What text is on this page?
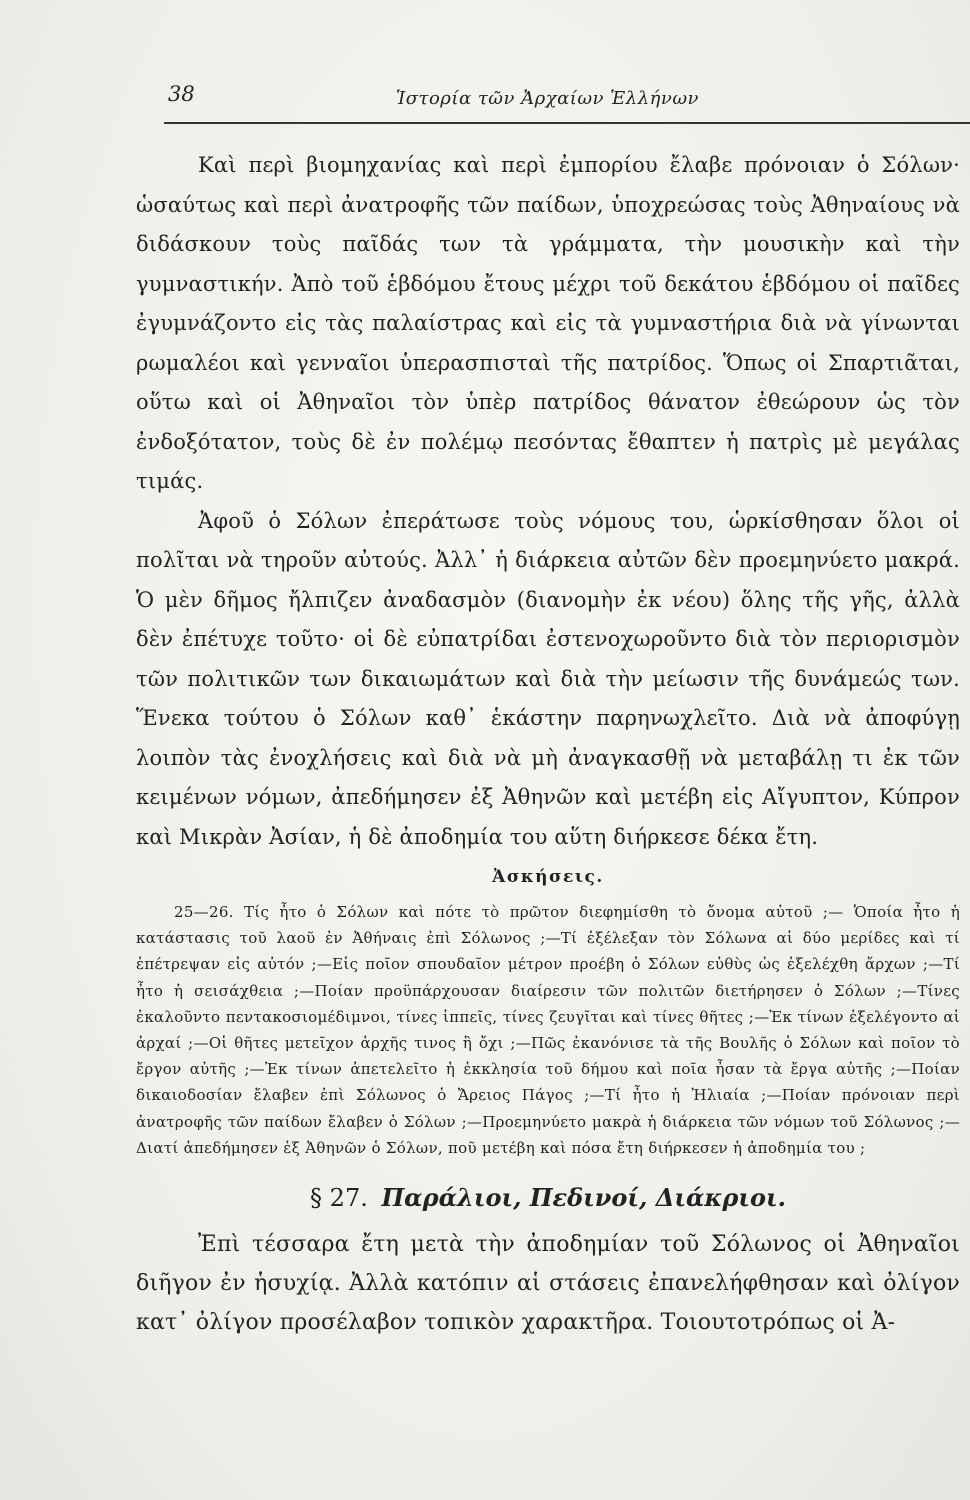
38	Ἱστορία τῶν Ἀρχαίων Ἑλλήνων

Καὶ περὶ βιομηχανίας καὶ περὶ ἐμπορίου ἔλαβε πρόνοιαν ὁ Σόλων· ὡσαύτως καὶ περὶ ἀνατροφῆς τῶν παίδων, ὑποχρεώσας τοὺς Ἀθηναίους νὰ διδάσκουν τοὺς παῖδάς των τὰ γράμματα, τὴν μουσικὴν καὶ τὴν γυμναστικήν. Ἀπὸ τοῦ ἑβδόμου ἔτους μέχρι τοῦ δεκάτου ἑβδόμου οἱ παῖδες ἐγυμνάζοντο εἰς τὰς παλαίστρας καὶ εἰς τὰ γυμναστήρια διὰ νὰ γίνωνται ρωμαλέοι καὶ γενναῖοι ὑπερασπισταὶ τῆς πατρίδος. Ὅπως οἱ Σπαρτιᾶται, οὕτω καὶ οἱ Ἀθηναῖοι τὸν ὑπὲρ πατρίδος θάνατον ἐθεώρουν ὡς τὸν ἐνδοξότατον, τοὺς δὲ ἐν πολέμῳ πεσόντας ἔθαπτεν ἡ πατρὶς μὲ μεγάλας τιμάς.

Ἀφοῦ ὁ Σόλων ἐπεράτωσε τοὺς νόμους του, ὡρκίσθησαν ὅλοι οἱ πολῖται νὰ τηροῦν αὐτούς. Ἀλλ᾽ ἡ διάρκεια αὐτῶν δὲν προεμηνύετο μακρά. Ὁ μὲν δῆμος ἤλπιζεν ἀναδασμὸν (διανομὴν ἐκ νέου) ὅλης τῆς γῆς, ἀλλὰ δὲν ἐπέτυχε τοῦτο· οἱ δὲ εὐπατρίδαι ἐστενοχωροῦντο διὰ τὸν περιορισμὸν τῶν πολιτικῶν των δικαιωμάτων καὶ διὰ τὴν μείωσιν τῆς δυνάμεώς των. Ἕνεκα τούτου ὁ Σόλων καθ᾽ ἑκάστην παρηνωχλεῖτο. Διὰ νὰ ἀποφύγῃ λοιπὸν τὰς ἐνοχλήσεις καὶ διὰ νὰ μὴ ἀναγκασθῇ νὰ μεταβάλῃ τι ἐκ τῶν κειμένων νόμων, ἀπεδήμησεν ἐξ Ἀθηνῶν καὶ μετέβη εἰς Αἴγυπτον, Κύπρον καὶ Μικρὰν Ἀσίαν, ἡ δὲ ἀποδημία του αὕτη διήρκεσε δέκα ἔτη.

Ἀσκήσεις.

25—26. Τίς ἦτο ὁ Σόλων καὶ πότε τὸ πρῶτον διεφημίσθη τὸ ὄνομα αὐτοῦ ;— Ὁποία ἦτο ἡ κατάστασις τοῦ λαοῦ ἐν Ἀθήναις ἐπὶ Σόλωνος ;—Τί ἐξέλεξαν τὸν Σόλωνα αἱ δύο μερίδες καὶ τί ἐπέτρεψαν εἰς αὐτόν ;—Εἰς ποῖον σπουδαῖον μέτρον προέβη ὁ Σόλων εὐθὺς ὡς ἐξελέχθη ἄρχων ;—Τί ἦτο ἡ σεισάχθεια ;—Ποίαν προϋπάρχουσαν διαίρεσιν τῶν πολιτῶν διετήρησεν ὁ Σόλων ;—Τίνες ἐκαλοῦντο πεντακοσιομέδιμνοι, τίνες ἱππεῖς, τίνες ζευγῖται καὶ τίνες θῆτες ;—Ἐκ τίνων ἐξελέγοντο αἱ ἀρχαί ;—Οἱ θῆτες μετεῖχον ἀρχῆς τινος ἢ ὄχι ;—Πῶς ἐκανόνισε τὰ τῆς Βουλῆς ὁ Σόλων καὶ ποῖον τὸ ἔργον αὐτῆς ;—Ἐκ τίνων ἀπετελεῖτο ἡ ἐκκλησία τοῦ δήμου καὶ ποῖα ἦσαν τὰ ἔργα αὐτῆς ;—Ποίαν δικαιοδοσίαν ἔλαβεν ἐπὶ Σόλωνος ὁ Ἄρειος Πάγος ;—Τί ἦτο ἡ Ἡλιαία ;—Ποίαν πρόνοιαν περὶ ἀνατροφῆς τῶν παίδων ἔλαβεν ὁ Σόλων ;—Προεμηνύετο μακρὰ ἡ διάρκεια τῶν νόμων τοῦ Σόλωνος ;—Διατί ἀπεδήμησεν ἐξ Ἀθηνῶν ὁ Σόλων, ποῦ μετέβη καὶ πόσα ἔτη διήρκεσεν ἡ ἀποδημία του ;

§ 27. Παράλιοι, Πεδινοί, Διάκριοι.

Ἐπὶ τέσσαρα ἔτη μετὰ τὴν ἀποδημίαν τοῦ Σόλωνος οἱ Ἀθηναῖοι διῆγον ἐν ἡσυχίᾳ. Ἀλλὰ κατόπιν αἱ στάσεις ἐπανελήφθησαν καὶ ὀλίγον κατ᾽ ὀλίγον προσέλαβον τοπικὸν χαρακτῆρα. Τοιουτοτρόπως οἱ Ἀ-
